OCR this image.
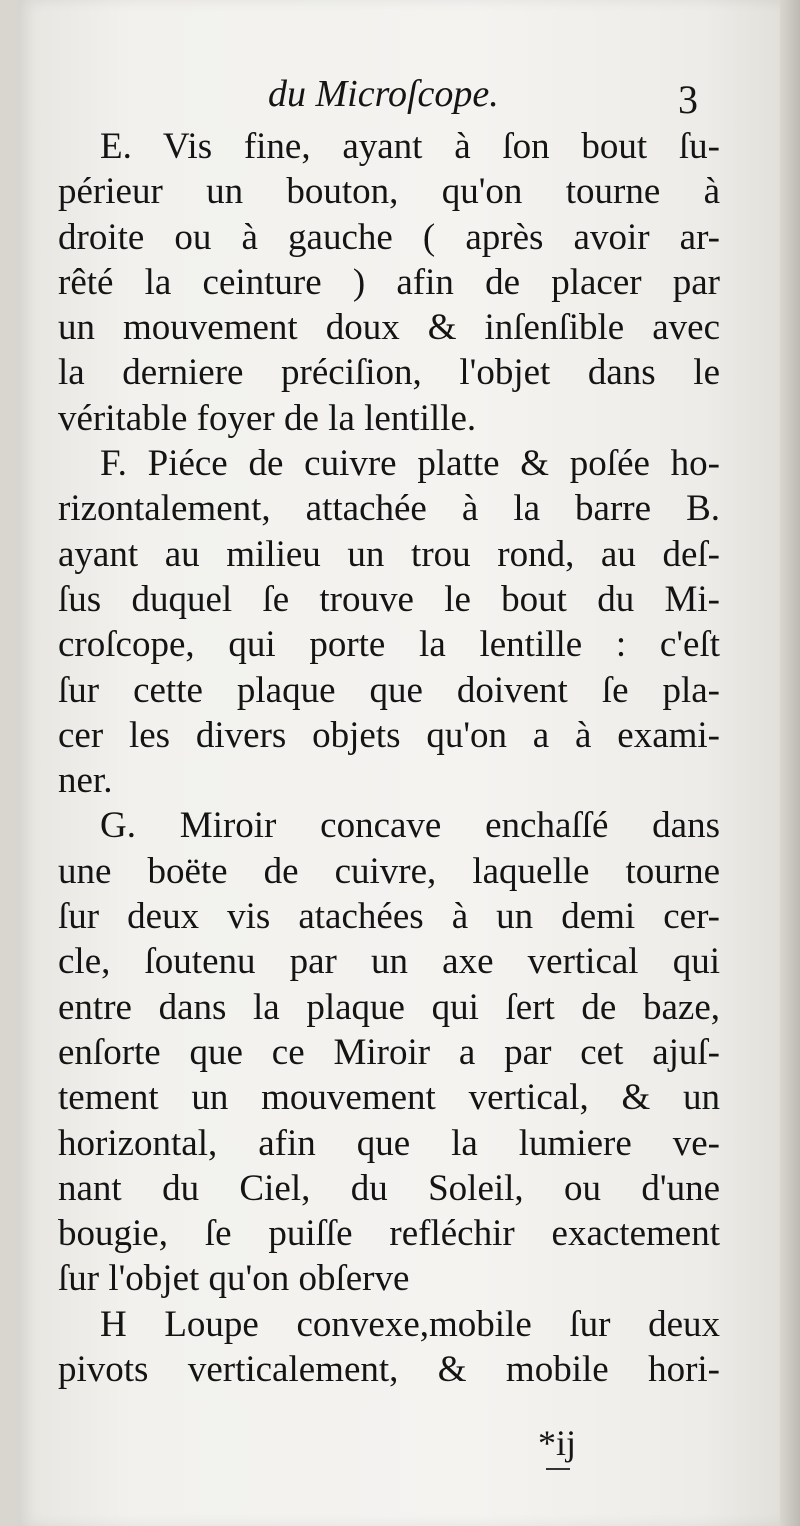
du Microſcope.	3
E. Vis fine, ayant à ſon bout ſu-
périeur un bouton, qu'on tourne à
droite ou à gauche ( après avoir ar-
rêté la ceinture ) afin de placer par
un mouvement doux & inſenſible avec
la derniere préciſion, l'objet dans le
véritable foyer de la lentille.
F. Piéce de cuivre platte & poſée ho-
rizontalement, attachée à la barre B.
ayant au milieu un trou rond, au deſ-
ſus duquel ſe trouve le bout du Mi-
croſcope, qui porte la lentille : c'eſt
ſur cette plaque que doivent ſe pla-
cer les divers objets qu'on a à exami-
ner.
G. Miroir concave enchaſſé dans
une boëte de cuivre, laquelle tourne
ſur deux vis atachées à un demi cer-
cle, ſoutenu par un axe vertical qui
entre dans la plaque qui ſert de baze,
enſorte que ce Miroir a par cet ajuſ-
tement un mouvement vertical, & un
horizontal, afin que la lumiere ve-
nant du Ciel, du Soleil, ou d'une
bougie, ſe puiſſe refléchir exactement
ſur l'objet qu'on obſerve
H Loupe convexe,mobile ſur deux
pivots verticalement, & mobile hori-
*ij
